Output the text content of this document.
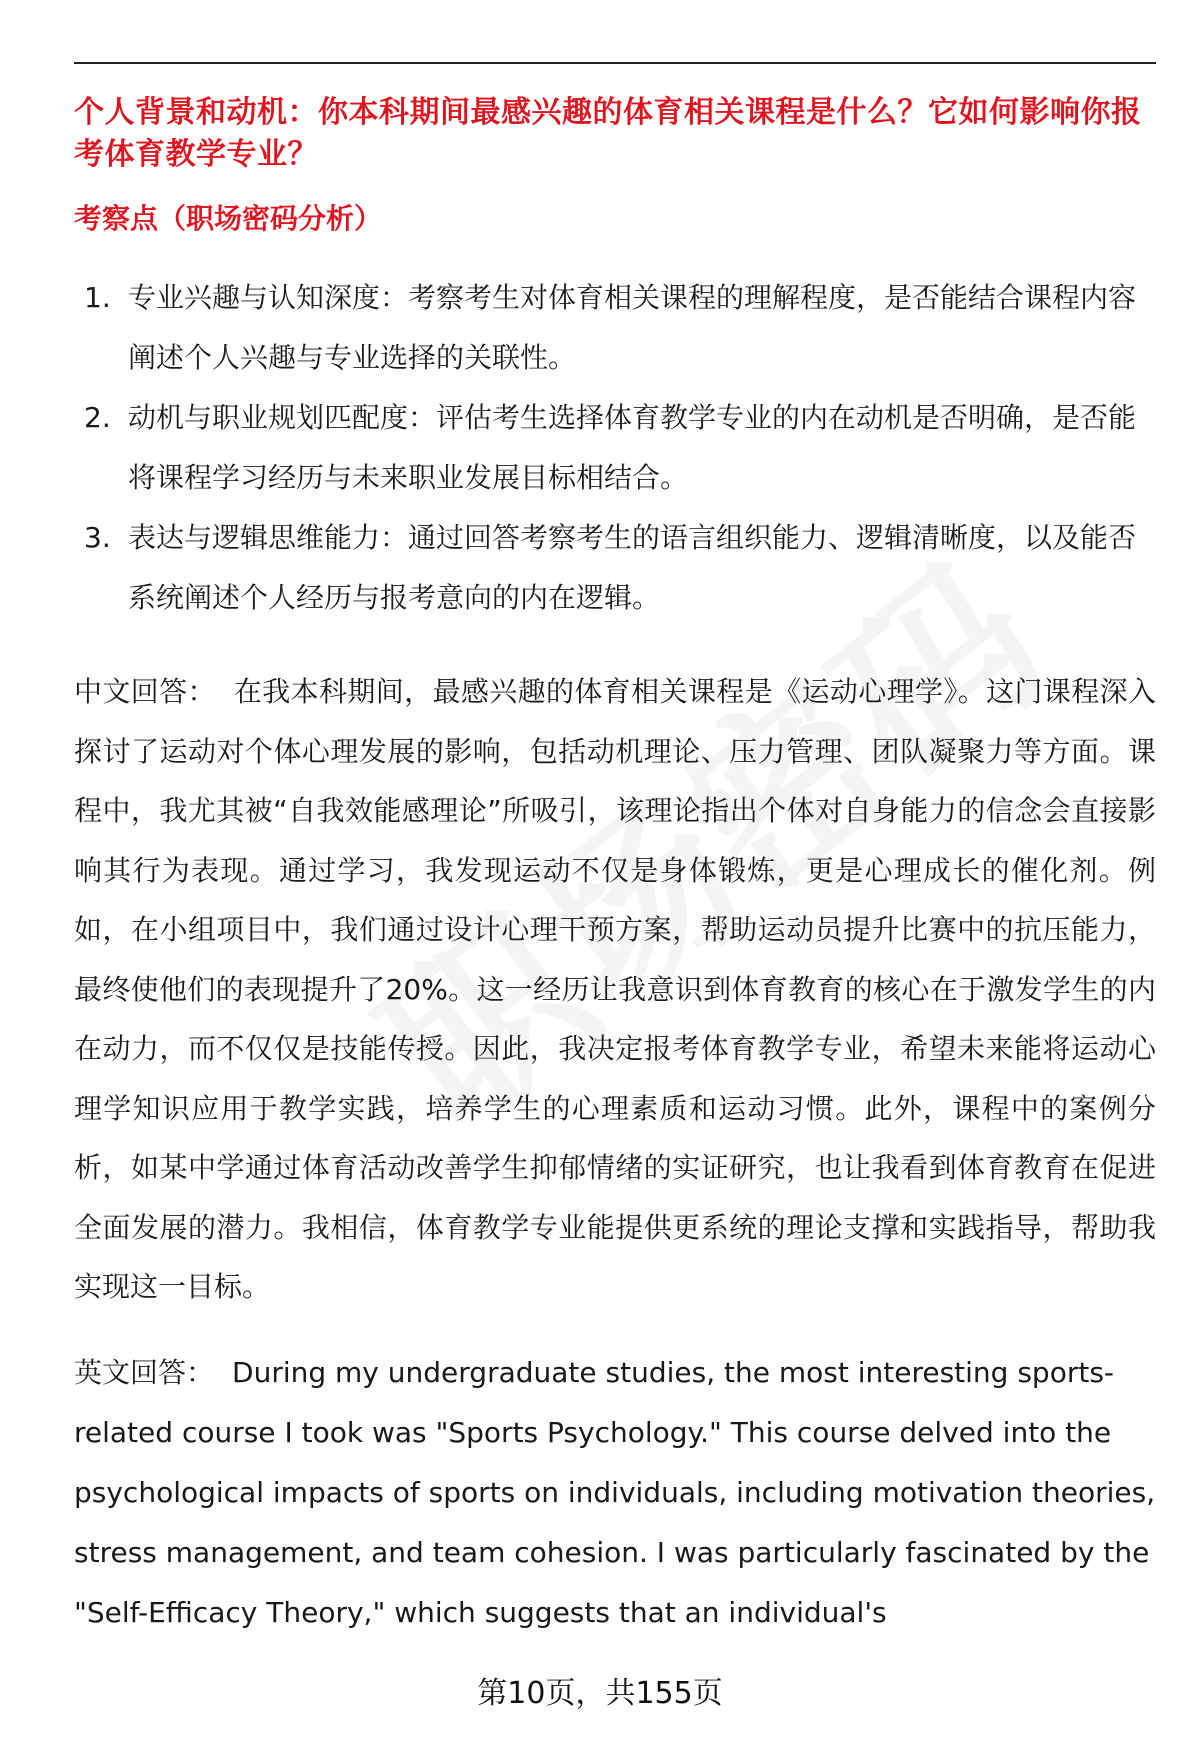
个人背景和动机：你本科期间最感兴趣的体育相关课程是什么？它如何影响你报考体育教学专业？

考察点（职场密码分析）

1. 专业兴趣与认知深度：考察考生对体育相关课程的理解程度，是否能结合课程内容阐述个人兴趣与专业选择的关联性。
2. 动机与职业规划匹配度：评估考生选择体育教学专业的内在动机是否明确，是否能将课程学习经历与未来职业发展目标相结合。
3. 表达与逻辑思维能力：通过回答考察考生的语言组织能力、逻辑清晰度，以及能否系统阐述个人经历与报考意向的内在逻辑。

中文回答： 在我本科期间，最感兴趣的体育相关课程是《运动心理学》。这门课程深入探讨了运动对个体心理发展的影响，包括动机理论、压力管理、团队凝聚力等方面。课程中，我尤其被“自我效能感理论”所吸引，该理论指出个体对自身能力的信念会直接影响其行为表现。通过学习，我发现运动不仅是身体锻炼，更是心理成长的催化剂。例如，在小组项目中，我们通过设计心理干预方案，帮助运动员提升比赛中的抗压能力，最终使他们的表现提升了20%。这一经历让我意识到体育教育的核心在于激发学生的内在动力，而不仅仅是技能传授。因此，我决定报考体育教学专业，希望未来能将运动心理学知识应用于教学实践，培养学生的心理素质和运动习惯。此外，课程中的案例分析，如某中学通过体育活动改善学生抑郁情绪的实证研究，也让我看到体育教育在促进全面发展的潜力。我相信，体育教学专业能提供更系统的理论支撑和实践指导，帮助我实现这一目标。

英文回答： During my undergraduate studies, the most interesting sports-related course I took was "Sports Psychology." This course delved into the psychological impacts of sports on individuals, including motivation theories, stress management, and team cohesion. I was particularly fascinated by the "Self-Efficacy Theory," which suggests that an individual's

第10页，共155页
